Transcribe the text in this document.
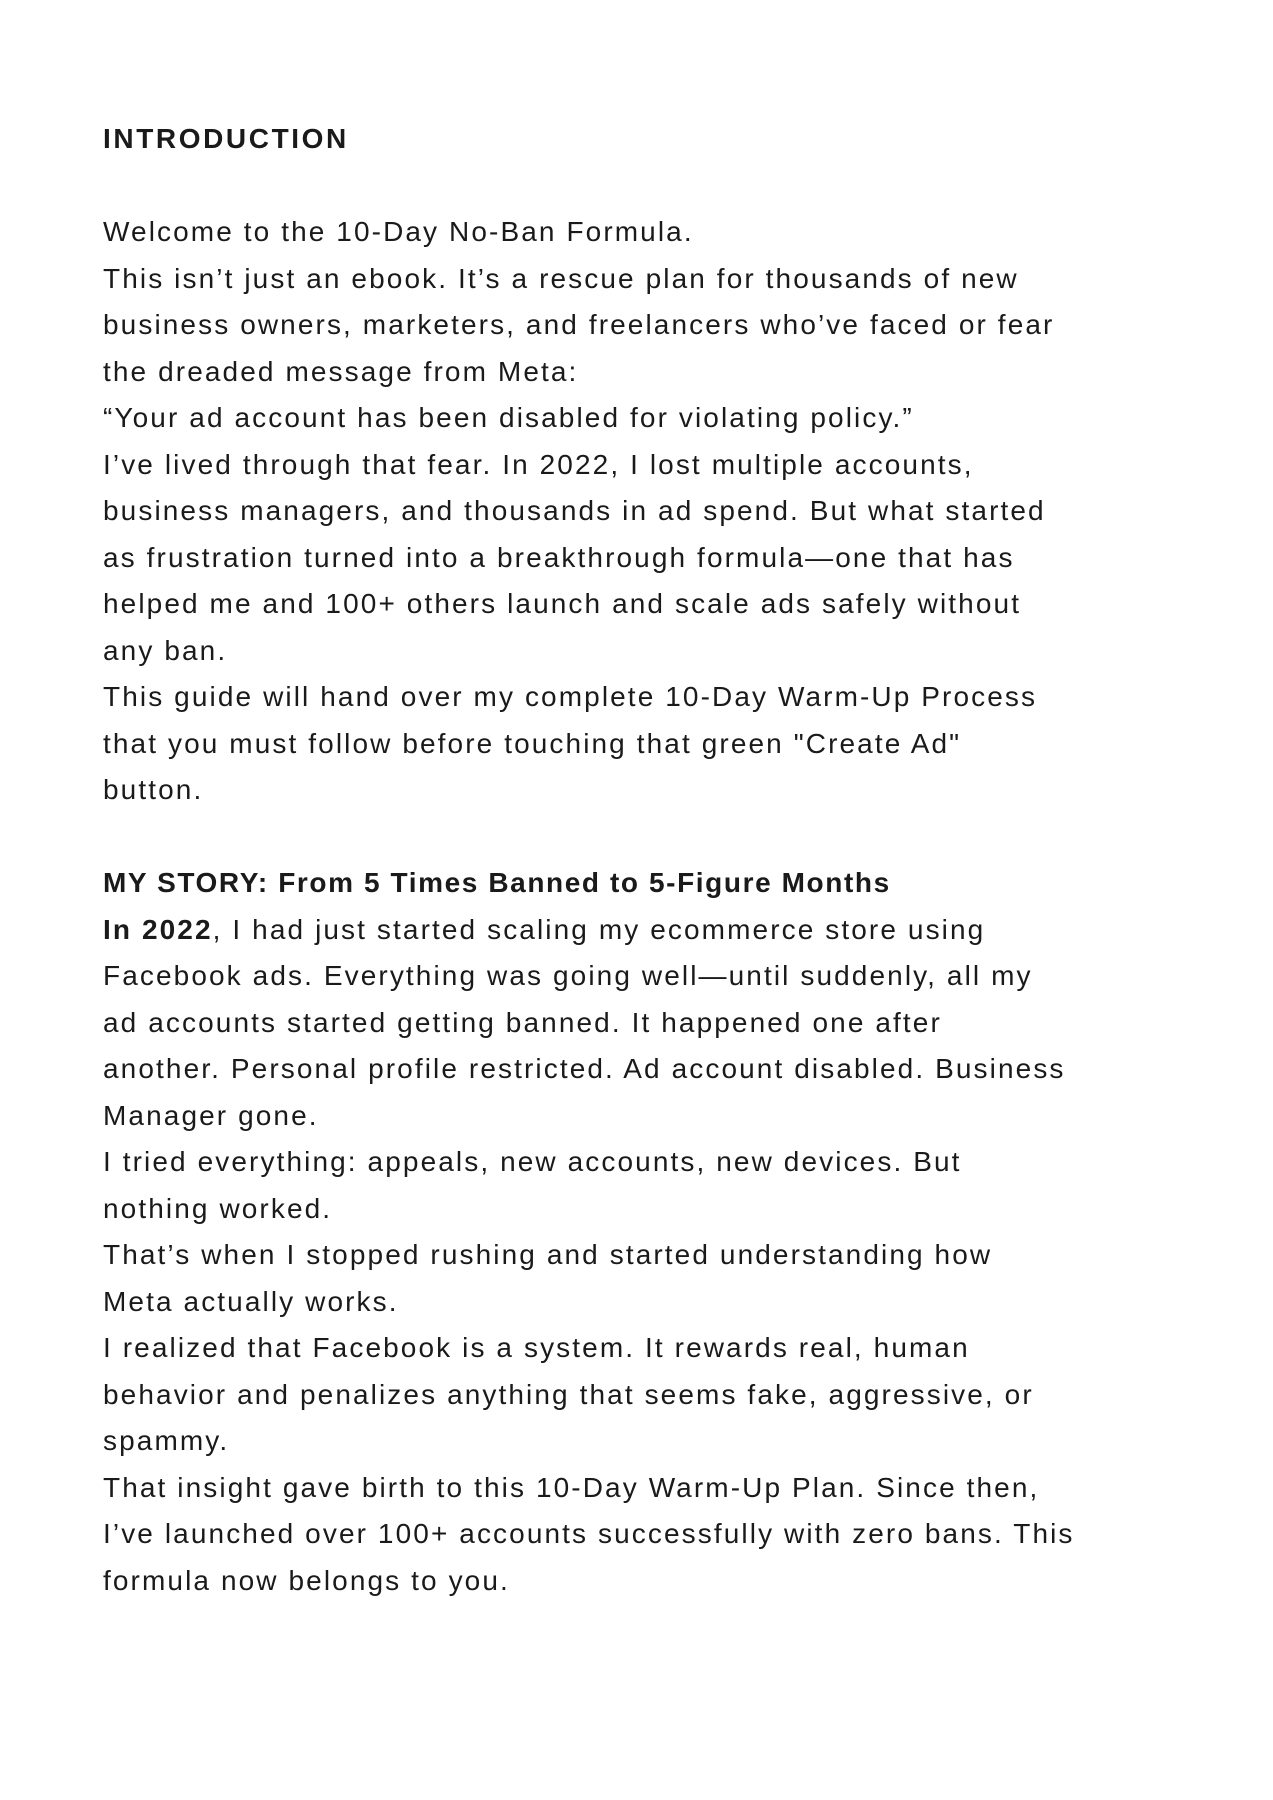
INTRODUCTION

Welcome to the 10-Day No-Ban Formula.

This isn’t just an ebook. It’s a rescue plan for thousands of new

business owners, marketers, and freelancers who’ve faced or fear

the dreaded message from Meta:

“Your ad account has been disabled for violating policy.”

I’ve lived through that fear. In 2022, I lost multiple accounts,

business managers, and thousands in ad spend. But what started

as frustration turned into a breakthrough formula—one that has

helped me and 100+ others launch and scale ads safely without

any ban.

This guide will hand over my complete 10-Day Warm-Up Process

that you must follow before touching that green "Create Ad"

button.

MY STORY: From 5 Times Banned to 5-Figure Months

In 2022, I had just started scaling my ecommerce store using

Facebook ads. Everything was going well—until suddenly, all my

ad accounts started getting banned. It happened one after

another. Personal profile restricted. Ad account disabled. Business

Manager gone.

I tried everything: appeals, new accounts, new devices. But

nothing worked.

That’s when I stopped rushing and started understanding how

Meta actually works.

I realized that Facebook is a system. It rewards real, human

behavior and penalizes anything that seems fake, aggressive, or

spammy.

That insight gave birth to this 10-Day Warm-Up Plan. Since then,

I’ve launched over 100+ accounts successfully with zero bans. This

formula now belongs to you.
